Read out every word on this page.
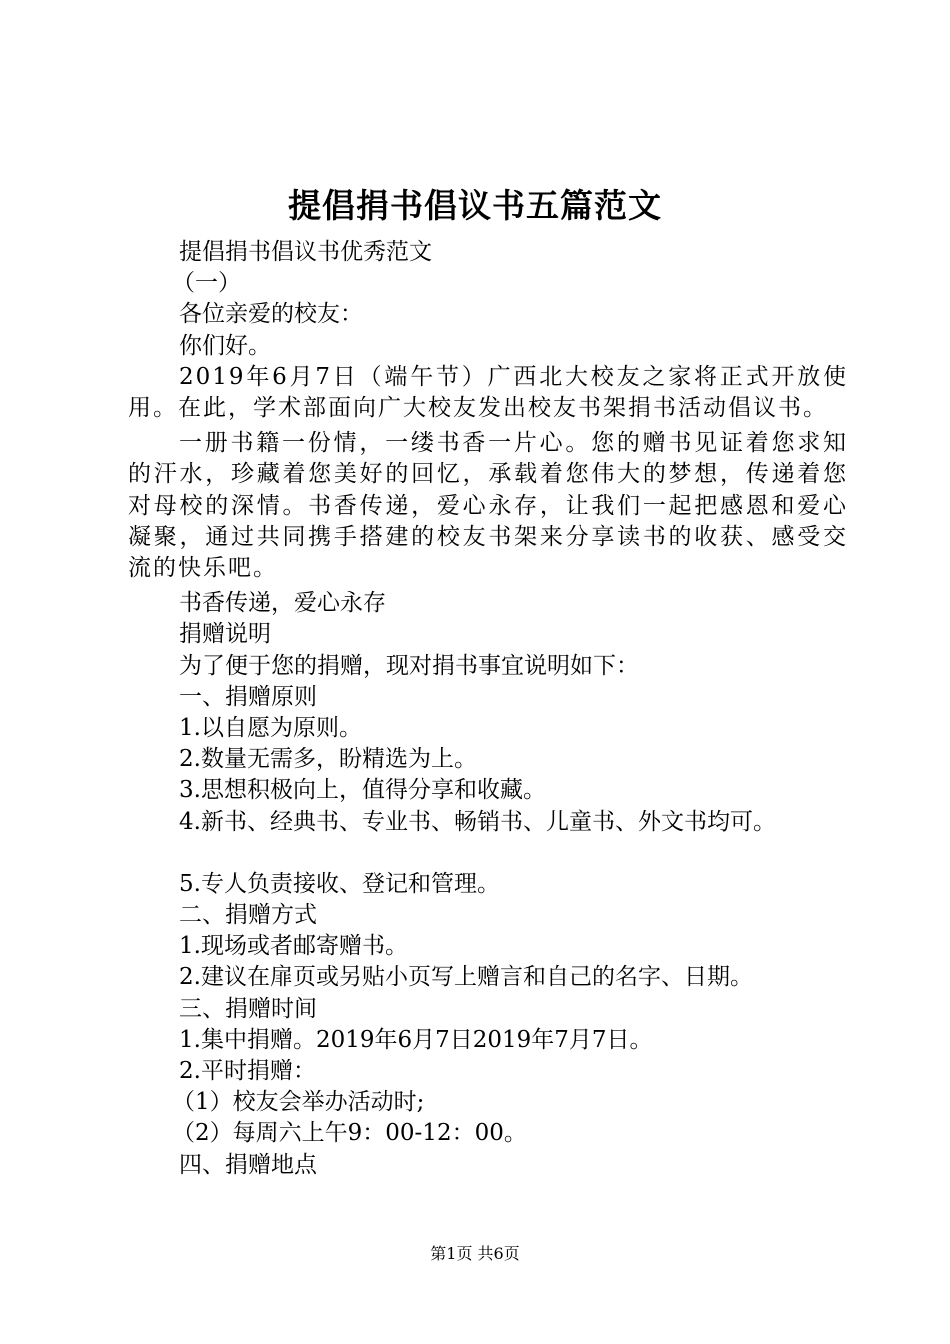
提倡捐书倡议书五篇范文

提倡捐书倡议书优秀范文

（一）

各位亲爱的校友：

你们好。

2019年6月7日（端午节）广西北大校友之家将正式开放使用。在此，学术部面向广大校友发出校友书架捐书活动倡议书。

一册书籍一份情，一缕书香一片心。您的赠书见证着您求知的汗水，珍藏着您美好的回忆，承载着您伟大的梦想，传递着您对母校的深情。书香传递，爱心永存，让我们一起把感恩和爱心凝聚，通过共同携手搭建的校友书架来分享读书的收获、感受交流的快乐吧。

书香传递，爱心永存

捐赠说明

为了便于您的捐赠，现对捐书事宜说明如下：

一、捐赠原则

1.以自愿为原则。

2.数量无需多，盼精选为上。

3.思想积极向上，值得分享和收藏。

4.新书、经典书、专业书、畅销书、儿童书、外文书均可。

5.专人负责接收、登记和管理。

二、捐赠方式

1.现场或者邮寄赠书。

2.建议在扉页或另贴小页写上赠言和自己的名字、日期。

三、捐赠时间

1.集中捐赠。2019年6月7日2019年7月7日。

2.平时捐赠：

（1）校友会举办活动时;

（2）每周六上午9：00-12：00。

四、捐赠地点

第1页 共6页
